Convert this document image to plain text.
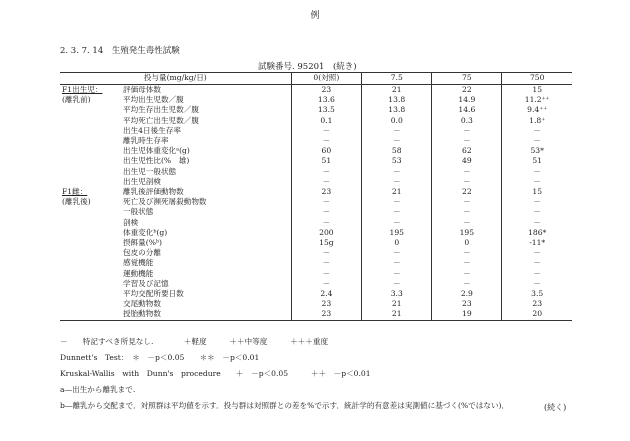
例
2. 3. 7. 14　生殖発生毒性試験
試験番号. 95201　(続き)
投与量(mg/kg/日)		0(対照)	7.5	75	750
F1出生児：	評価母体数	23	21	22	15
(離乳前)	平均出生児数／腹	13.6	13.8	14.9	11.2⁺⁺
	平均生存出生児数／腹	13.5	13.8	14.6	9.4⁺⁺
	平均死亡出生児数／腹	0.1	0.0	0.3	1.8⁺
	出生4日後生存率	－	－	－	－
	離乳時生存率	－	－	－	－
	出生児体重変化ᵃ(g)	60	58	62	53*
	出生児性比(%　雄)	51	53	49	51
	出生児一般状態	－	－	－	－
	出生児剖検	－	－	－	－
F1雌：	離乳後評価動物数	23	21	22	15
(離乳後)	死亡及び瀕死屠殺動物数	－	－	－	－
	一般状態	－	－	－	－
	剖検	－	－	－	－
	体重変化ᵇ(g)	200	195	195	186*
	摂餌量(%ᵇ)	15g	0	0	-11*
	包皮の分離	－	－	－	－
	感覚機能	－	－	－	－
	運動機能	－	－	－	－
	学習及び記憶	－	－	－	－
	平均交配所要日数	2.4	3.3	2.9	3.5
	交尾動物数	23	21	23	23
	授胎動物数	23	21	19	20
－　　特記すべき所見なし.　　　　＋軽度　　　＋＋中等度　　　＋＋＋重度
Dunnett's　Test：　＊　－p＜0.05　　＊＊　－p＜0.01
Kruskal-Wallis　with　Dunn's　procedure　　＋　－p＜0.05　　　＋＋　－p＜0.01
a―出生から離乳まで.
b―離乳から交配まで．対照群は平均値を示す．投与群は対照群との差を%で示す．統計学的有意差は実測値に基づく(%ではない)．	(続く)
